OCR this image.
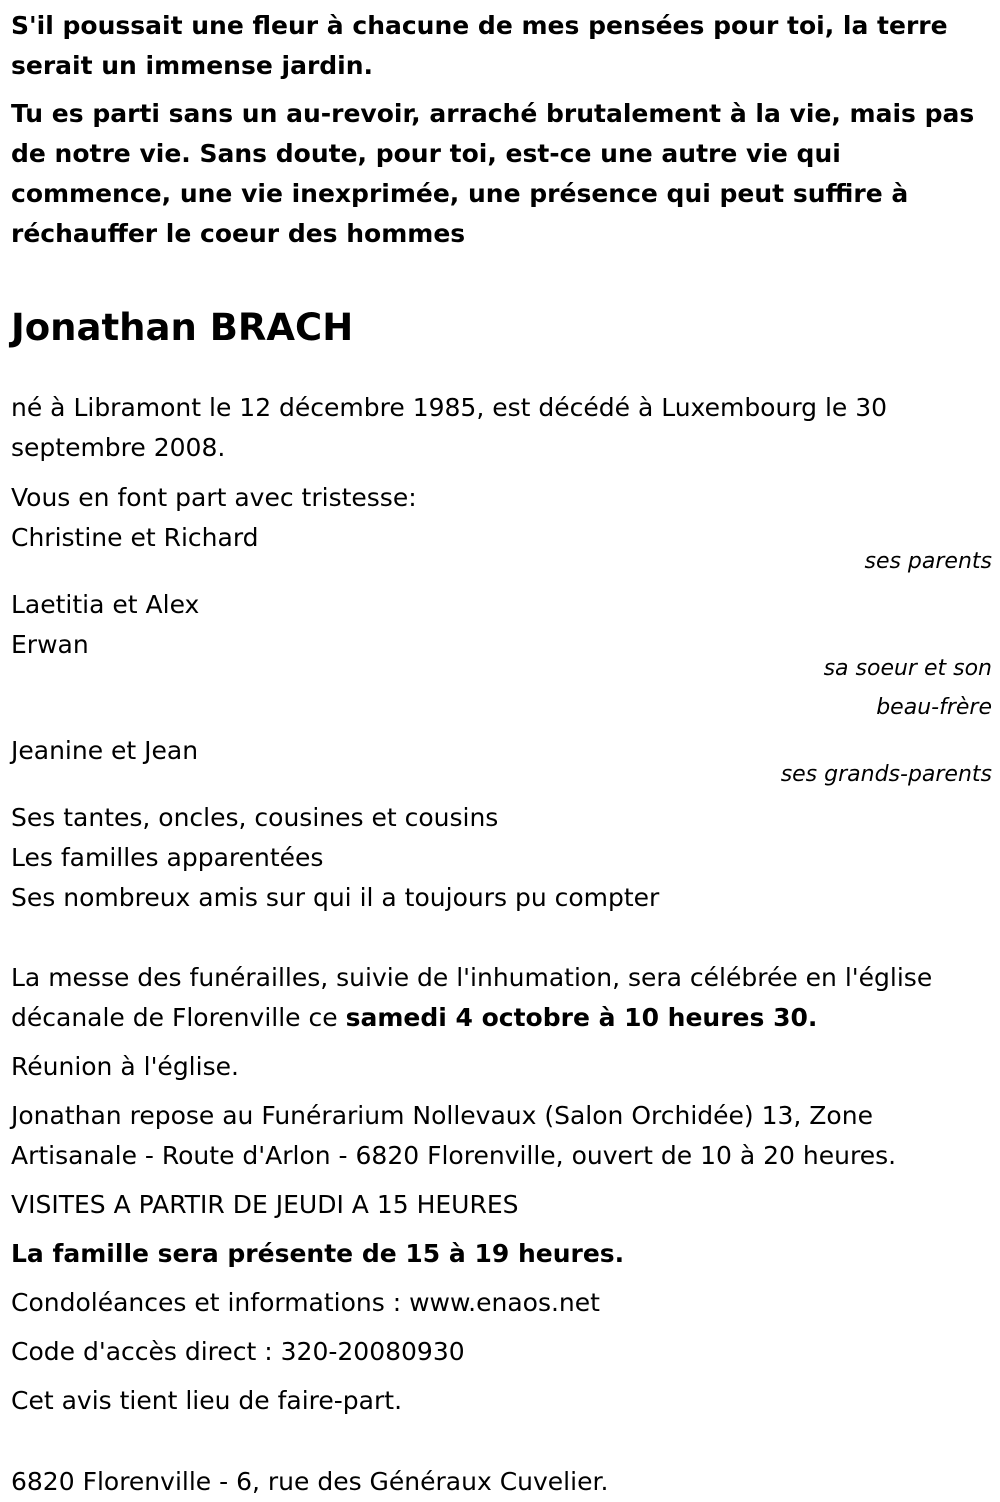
S'il poussait une fleur à chacune de mes pensées pour toi, la terre serait un immense jardin.

Tu es parti sans un au-revoir, arraché brutalement à la vie, mais pas de notre vie. Sans doute, pour toi, est-ce une autre vie qui commence, une vie inexprimée, une présence qui peut suffire à réchauffer le coeur des hommes

Jonathan BRACH

né à Libramont le 12 décembre 1985, est décédé à Luxembourg le 30 septembre 2008.

Vous en font part avec tristesse:

Christine et Richard

ses parents

Laetitia et Alex

Erwan

sa soeur et son beau-frère

Jeanine et Jean

ses grands-parents

Ses tantes, oncles, cousines et cousins

Les familles apparentées

Ses nombreux amis sur qui il a toujours pu compter

La messe des funérailles, suivie de l'inhumation, sera célébrée en l'église décanale de Florenville ce samedi 4 octobre à 10 heures 30.

Réunion à l'église.

Jonathan repose au Funérarium Nollevaux (Salon Orchidée) 13, Zone Artisanale - Route d'Arlon - 6820 Florenville, ouvert de 10 à 20 heures.

VISITES A PARTIR DE JEUDI A 15 HEURES

La famille sera présente de 15 à 19 heures.

Condoléances et informations : www.enaos.net

Code d'accès direct : 320-20080930

Cet avis tient lieu de faire-part.

6820 Florenville - 6, rue des Généraux Cuvelier.
